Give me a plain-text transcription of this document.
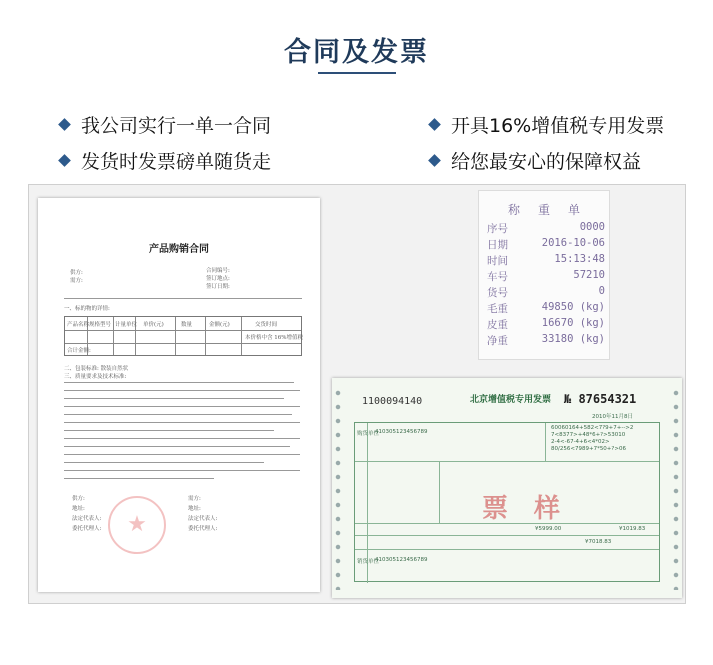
合同及发票
我公司实行一单一合同
发货时发票磅单随货走
开具16%增值税专用发票
给您最安心的保障权益
产品购销合同
供方:
需方:
合同编号:
签订地点:
签订日期:
一、标的物的详情:
产品名称 规格型号 计量单位 单价(元)	数量	金额(元)	交货时间
本价格中含 16%增值税
合计金额:
二、包装标准: 散装自然状
三、质量要求及技术标准:
★
供方:
地址:
法定代表人:
委托代理人:
需方:
地址:
法定代表人:
委托代理人:
称重单
序号	0000
日期	2016-10-06
时间	15:13:48
车号	57210
货号	0
毛重	49850 (kg)
皮重	16670 (kg)
净重	33180 (kg)
1100094140	北京增值税专用发票 № 87654321
2010年11月8日
购货单位
410305123456789
60060164+582<7?9+7+-->2
7<8377>+48*6+?>53010
2-4<-67-4+6<4*02>
80/256<7989+7*50+?>06
¥5999.00	¥1019.83
¥7018.83
销货单位
410305123456789
票样
